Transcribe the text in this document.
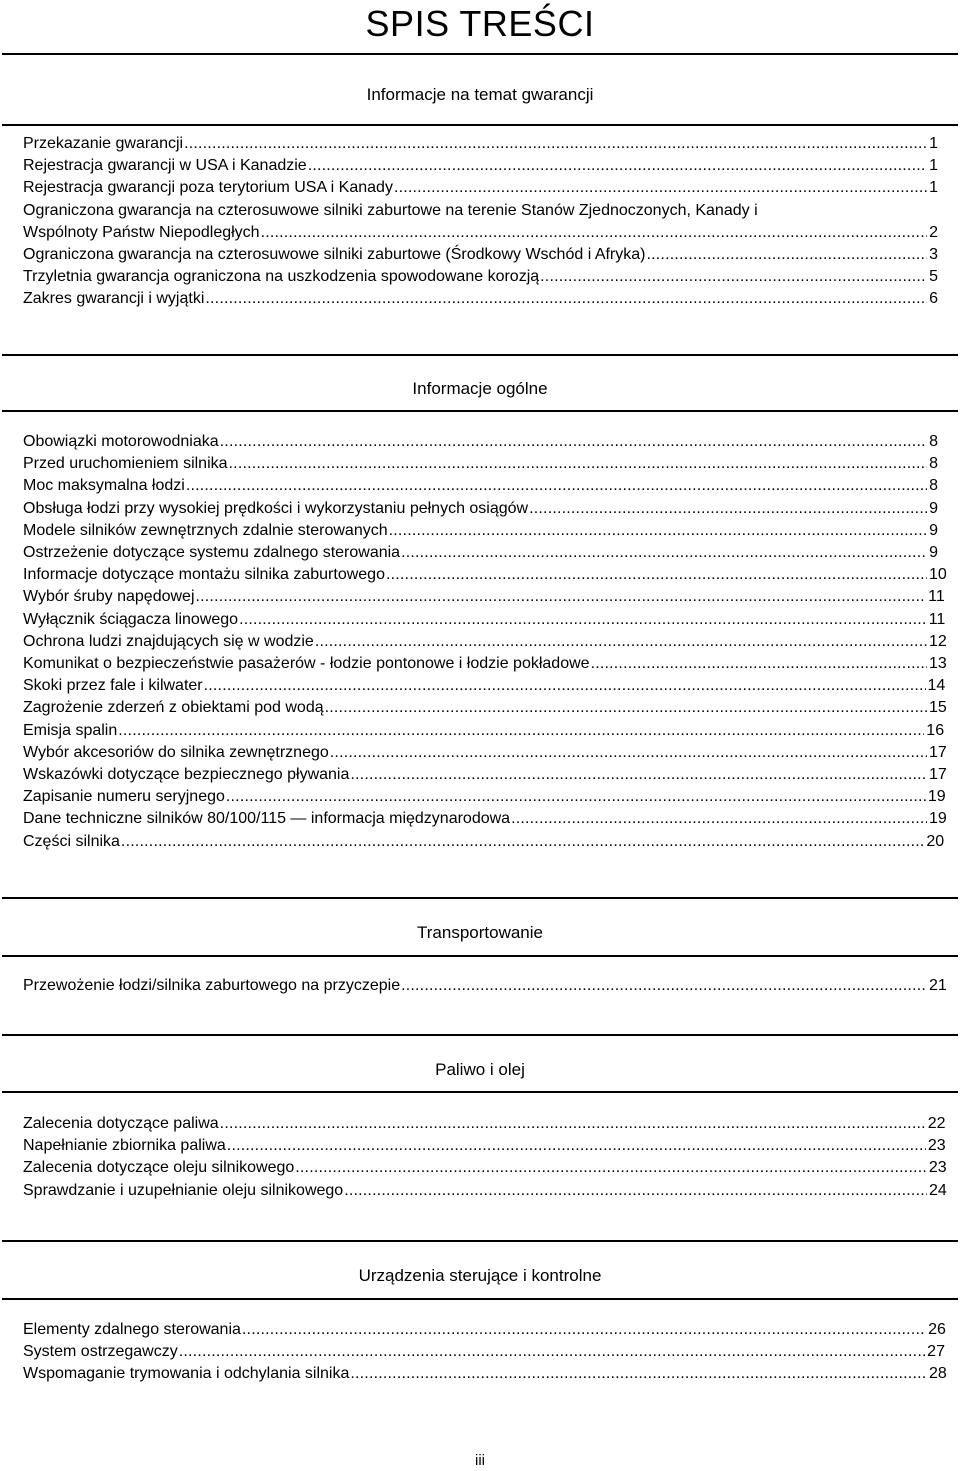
SPIS TREŚCI
Informacje na temat gwarancji
Przekazanie gwarancji .....	1
Rejestracja gwarancji w USA i Kanadzie .....	1
Rejestracja gwarancji poza terytorium USA i Kanady .....	1
Ograniczona gwarancja na czterosuwowe silniki zaburtowe na terenie Stanów Zjednoczonych, Kanady i
Wspólnoty Państw Niepodległych .....	2
Ograniczona gwarancja na czterosuwowe silniki zaburtowe (Środkowy Wschód i Afryka) .....	3
Trzyletnia gwarancja ograniczona na uszkodzenia spowodowane korozją .....	5
Zakres gwarancji i wyjątki .....	6
Informacje ogólne
Obowiązki motorowodniaka .....	8
Przed uruchomieniem silnika .....	8
Moc maksymalna łodzi .....	8
Obsługa łodzi przy wysokiej prędkości i wykorzystaniu pełnych osiągów .....	9
Modele silników zewnętrznych zdalnie sterowanych .....	9
Ostrzeżenie dotyczące systemu zdalnego sterowania .....	9
Informacje dotyczące montażu silnika zaburtowego .....	10
Wybór śruby napędowej .....	11
Wyłącznik ściągacza linowego .....	11
Ochrona ludzi znajdujących się w wodzie .....	12
Komunikat o bezpieczeństwie pasażerów - łodzie pontonowe i łodzie pokładowe .....	13
Skoki przez fale i kilwater .....	14
Zagrożenie zderzeń z obiektami pod wodą .....	15
Emisja spalin .....	16
Wybór akcesoriów do silnika zewnętrznego .....	17
Wskazówki dotyczące bezpiecznego pływania .....	17
Zapisanie numeru seryjnego .....	19
Dane techniczne silników 80/100/115 — informacja międzynarodowa .....	19
Części silnika .....	20
Transportowanie
Przewożenie łodzi/silnika zaburtowego na przyczepie .....	21
Paliwo i olej
Zalecenia dotyczące paliwa .....	22
Napełnianie zbiornika paliwa .....	23
Zalecenia dotyczące oleju silnikowego .....	23
Sprawdzanie i uzupełnianie oleju silnikowego .....	24
Urządzenia sterujące i kontrolne
Elementy zdalnego sterowania .....	26
System ostrzegawczy .....	27
Wspomaganie trymowania i odchylania silnika .....	28
iii
